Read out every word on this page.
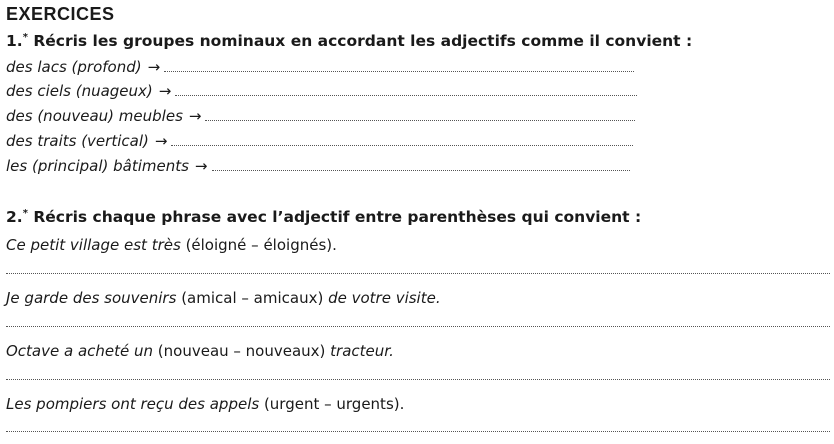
EXERCICES
1.* Récris les groupes nominaux en accordant les adjectifs comme il convient :
des lacs (profond) →
des ciels (nuageux) →
des (nouveau) meubles →
des traits (vertical) →
les (principal) bâtiments →
2.* Récris chaque phrase avec l’adjectif entre parenthèses qui convient :
Ce petit village est très (éloigné – éloignés).
Je garde des souvenirs (amical – amicaux) de votre visite.
Octave a acheté un (nouveau – nouveaux) tracteur.
Les pompiers ont reçu des appels (urgent – urgents).
